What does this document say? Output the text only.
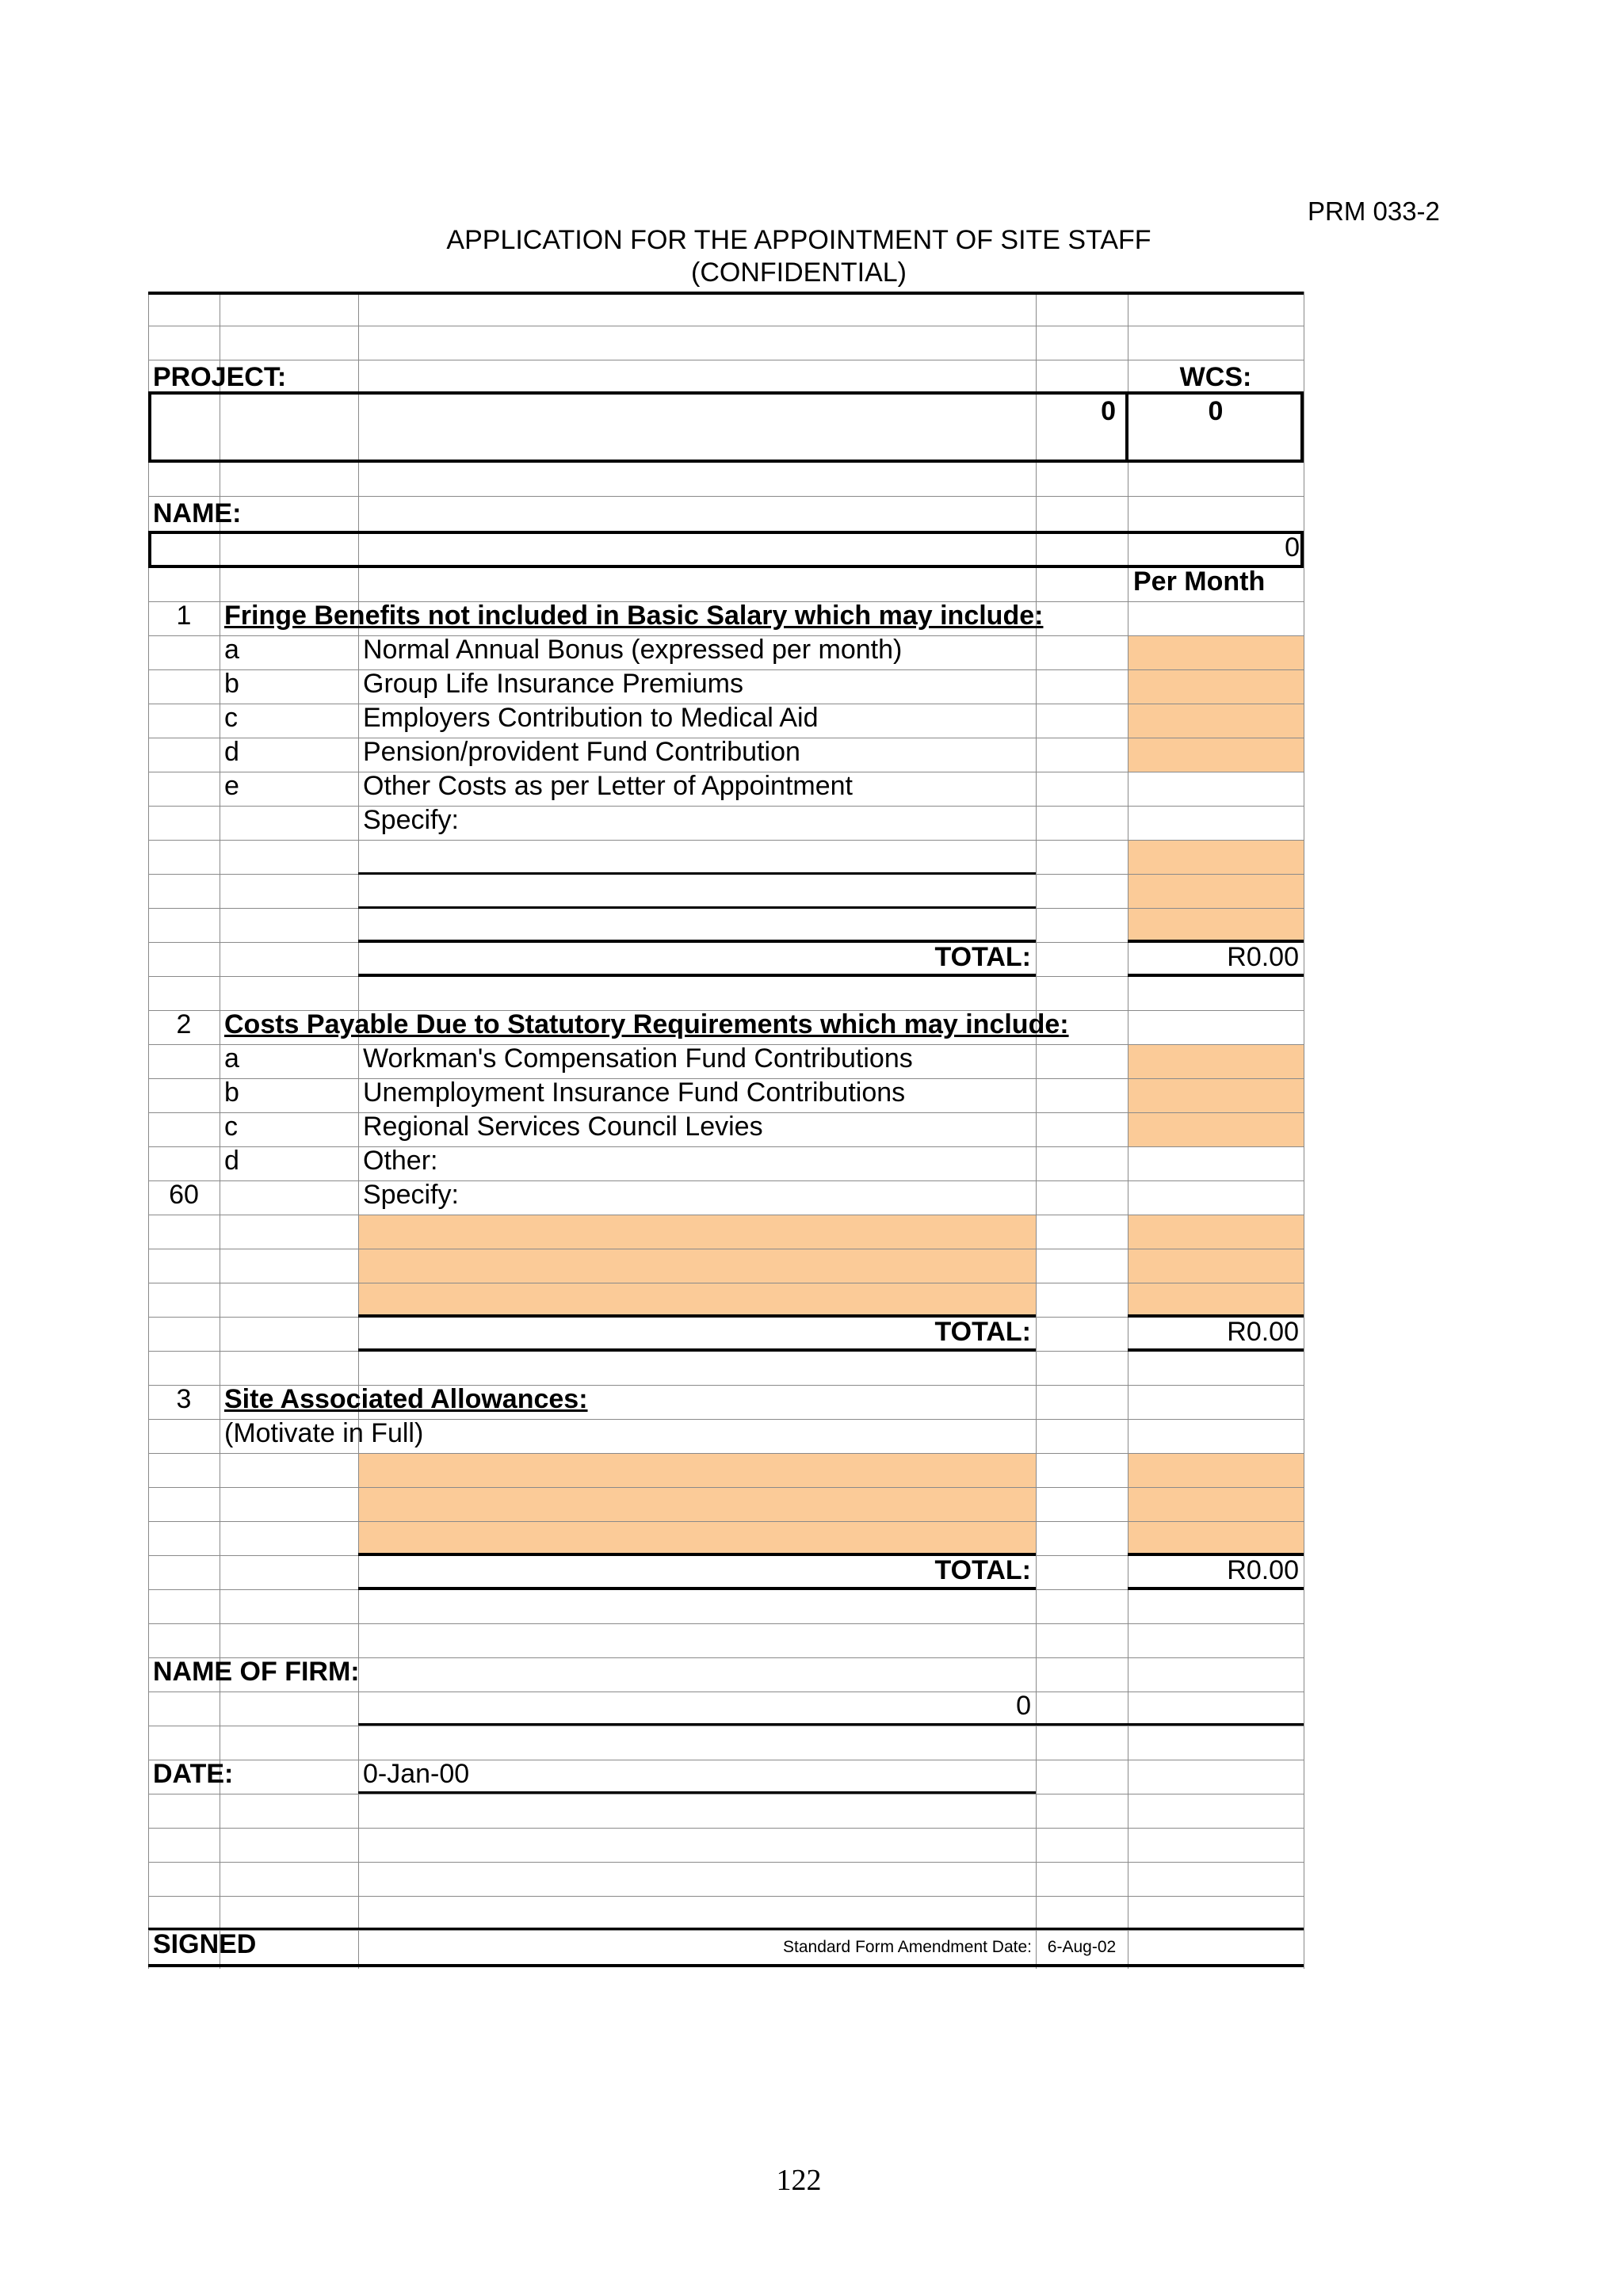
PRM 033-2
APPLICATION FOR THE APPOINTMENT OF SITE STAFF
(CONFIDENTIAL)
PROJECT:	WCS:
0	0
NAME:
0
Per Month
1	Fringe Benefits not included in Basic Salary which may include:
a	Normal Annual Bonus (expressed per month)
b	Group Life Insurance Premiums
c	Employers Contribution to Medical Aid
d	Pension/provident Fund Contribution
e	Other Costs as per Letter of Appointment
Specify:
TOTAL:	R0.00
2	Costs Payable Due to Statutory Requirements which may include:
a	Workman's Compensation Fund Contributions
b	Unemployment Insurance Fund Contributions
c	Regional Services Council Levies
d	Other:
60	Specify:
TOTAL:	R0.00
3	Site Associated Allowances:
(Motivate in Full)
TOTAL:	R0.00
NAME OF FIRM:
0
DATE:	0-Jan-00
SIGNED	Standard Form Amendment Date: 6-Aug-02
122
